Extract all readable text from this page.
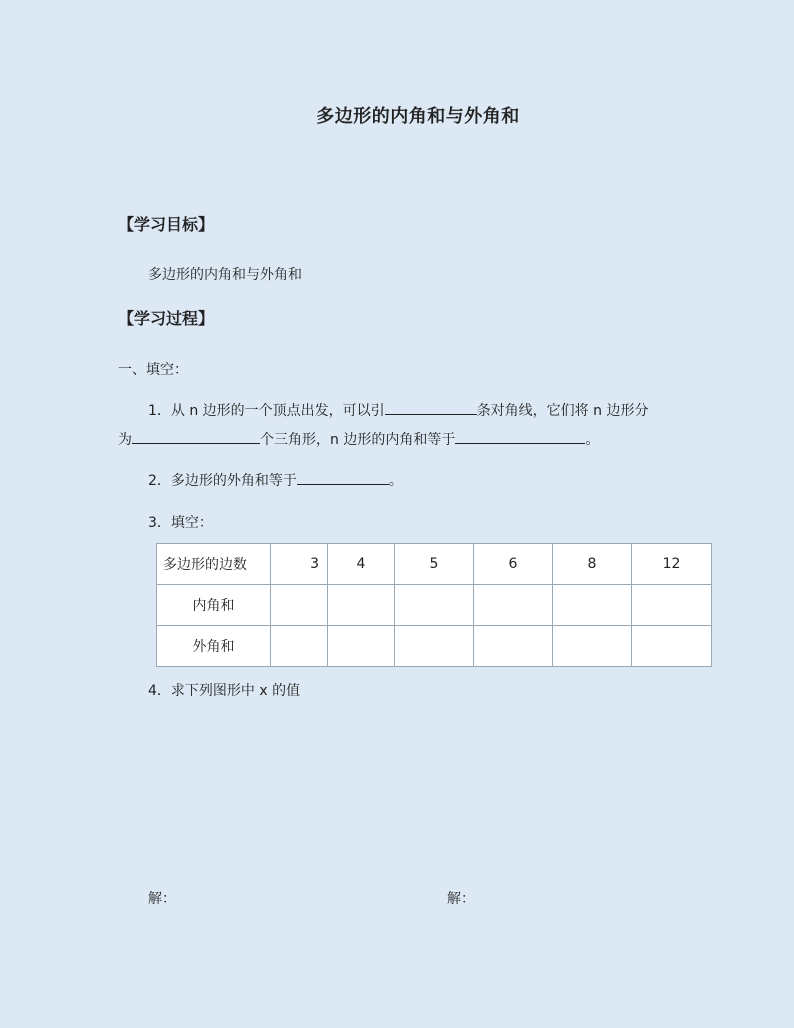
多边形的内角和与外角和
【学习目标】
多边形的内角和与外角和
【学习过程】
一、填空：
1．从 n 边形的一个顶点出发，可以引	条对角线，它们将 n 边形分
为	个三角形，n 边形的内角和等于	。
2．多边形的外角和等于	。
3．填空：
多边形的边数	3	4	5	6	8	12
内角和						
外角和						
4．求下列图形中 x 的值
解：	解：
